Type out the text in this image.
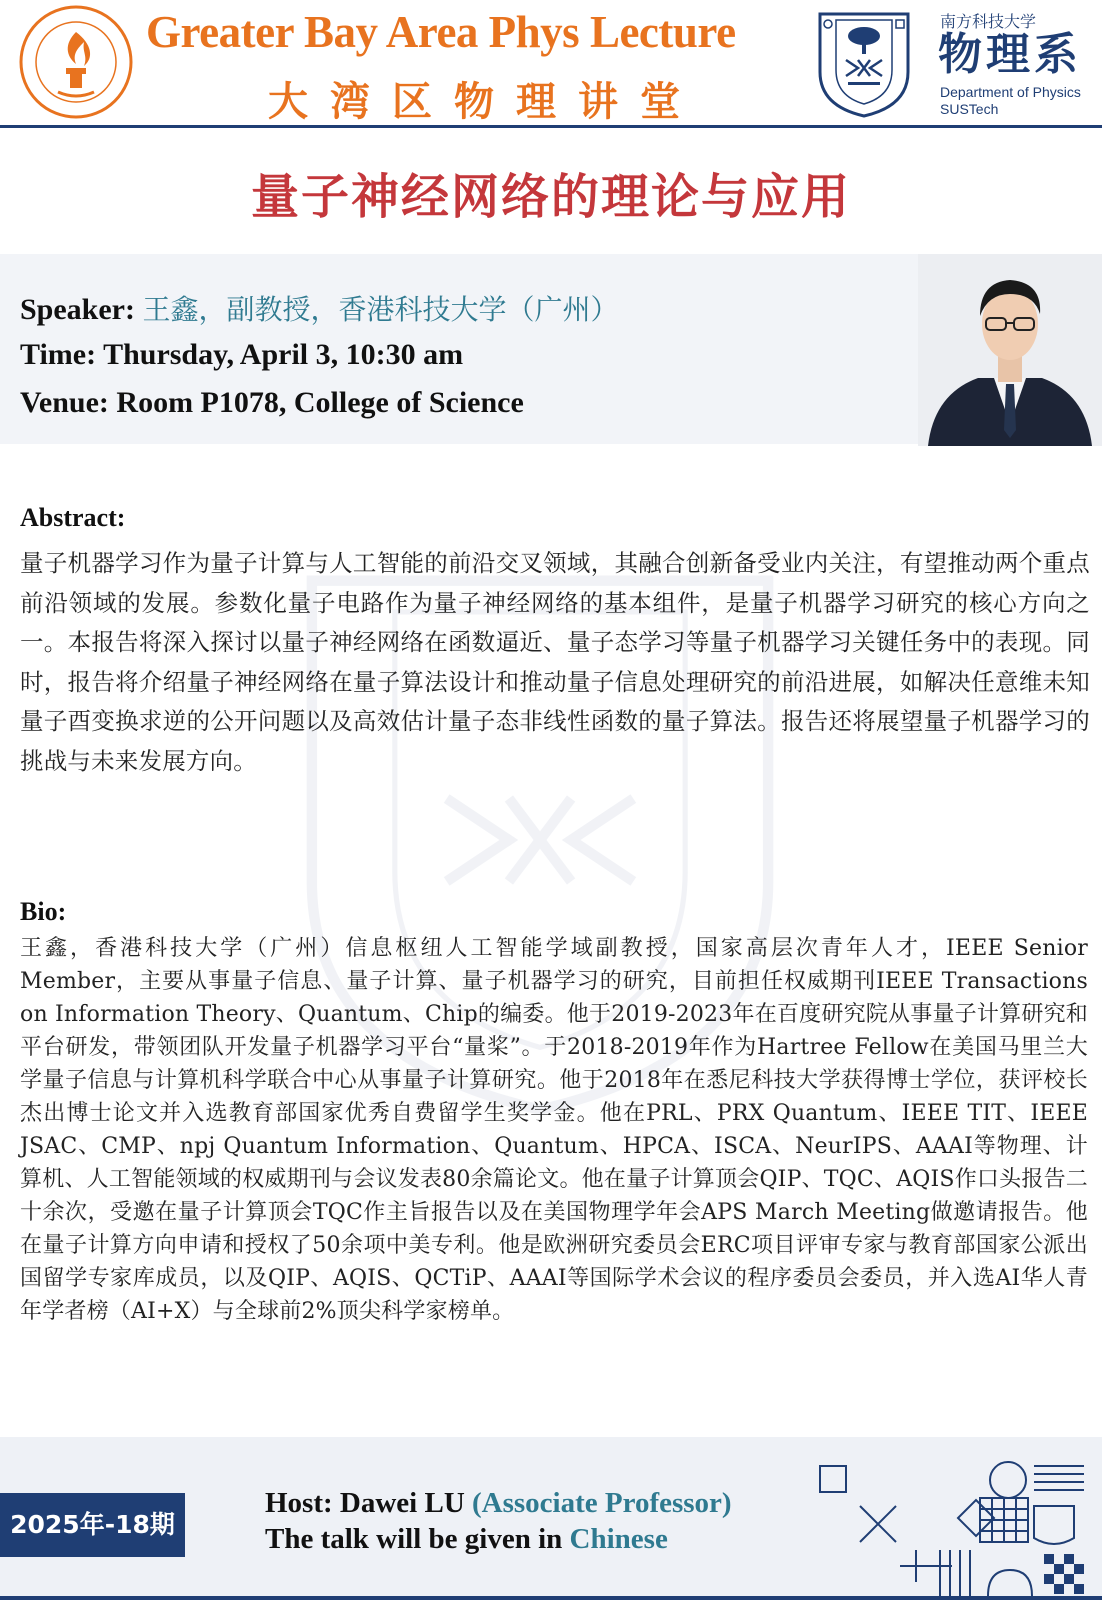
Greater Bay Area Phys Lecture
大湾区物理讲堂
南方科技大学
物理系
Department of Physics
SUSTech
量子神经网络的理论与应用
Speaker: 王鑫，副教授，香港科技大学（广州）
Time: Thursday, April 3, 10:30 am
Venue: Room P1078, College of Science
Abstract:
量子机器学习作为量子计算与人工智能的前沿交叉领域，其融合创新备受业内关注，有望推动两个重点前沿领域的发展。参数化量子电路作为量子神经网络的基本组件，是量子机器学习研究的核心方向之一。本报告将深入探讨以量子神经网络在函数逼近、量子态学习等量子机器学习关键任务中的表现。同时，报告将介绍量子神经网络在量子算法设计和推动量子信息处理研究的前沿进展，如解决任意维未知量子酉变换求逆的公开问题以及高效估计量子态非线性函数的量子算法。报告还将展望量子机器学习的挑战与未来发展方向。
Bio:
王鑫，香港科技大学（广州）信息枢纽人工智能学域副教授，国家高层次青年人才，IEEE Senior Member，主要从事量子信息、量子计算、量子机器学习的研究，目前担任权威期刊IEEE Transactions on Information Theory、Quantum、Chip的编委。他于2019-2023年在百度研究院从事量子计算研究和平台研发，带领团队开发量子机器学习平台“量桨”。于2018-2019年作为Hartree Fellow在美国马里兰大学量子信息与计算机科学联合中心从事量子计算研究。他于2018年在悉尼科技大学获得博士学位，获评校长杰出博士论文并入选教育部国家优秀自费留学生奖学金。他在PRL、PRX Quantum、IEEE TIT、IEEE JSAC、CMP、npj Quantum Information、Quantum、HPCA、ISCA、NeurIPS、AAAI等物理、计算机、人工智能领域的权威期刊与会议发表80余篇论文。他在量子计算顶会QIP、TQC、AQIS作口头报告二十余次，受邀在量子计算顶会TQC作主旨报告以及在美国物理学年会APS March Meeting做邀请报告。他在量子计算方向申请和授权了50余项中美专利。他是欧洲研究委员会ERC项目评审专家与教育部国家公派出国留学专家库成员，以及QIP、AQIS、QCTiP、AAAI等国际学术会议的程序委员会委员，并入选AI华人青年学者榜（AI+X）与全球前2%顶尖科学家榜单。
2025年-18期
Host: Dawei LU (Associate Professor)
The talk will be given in Chinese
